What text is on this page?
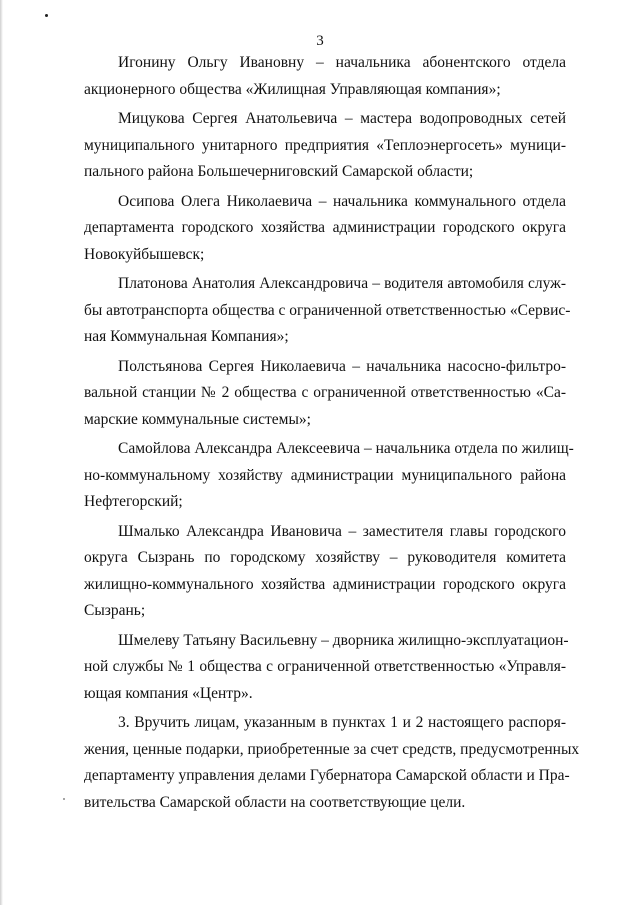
3
Игонину Ольгу Ивановну – начальника абонентского отдела
акционерного общества «Жилищная Управляющая компания»;
Мицукова Сергея Анатольевича – мастера водопроводных сетей
муниципального унитарного предприятия «Теплоэнергосеть» муници-
пального района Большечерниговский Самарской области;
Осипова Олега Николаевича – начальника коммунального отдела
департамента городского хозяйства администрации городского округа
Новокуйбышевск;
Платонова Анатолия Александровича – водителя автомобиля служ-
бы автотранспорта общества с ограниченной ответственностью «Сервис-
ная Коммунальная Компания»;
Полстьянова Сергея Николаевича – начальника насосно-фильтро-
вальной станции № 2 общества с ограниченной ответственностью «Са-
марские коммунальные системы»;
Самойлова Александра Алексеевича – начальника отдела по жилищ-
но-коммунальному хозяйству администрации муниципального района
Нефтегорский;
Шмалько Александра Ивановича – заместителя главы городского
округа Сызрань по городскому хозяйству – руководителя комитета
жилищно-коммунального хозяйства администрации городского округа
Сызрань;
Шмелеву Татьяну Васильевну – дворника жилищно-эксплуатацион-
ной службы № 1 общества с ограниченной ответственностью «Управля-
ющая компания «Центр».
3. Вручить лицам, указанным в пунктах 1 и 2 настоящего распоря-
жения, ценные подарки, приобретенные за счет средств, предусмотренных
департаменту управления делами Губернатора Самарской области и Пра-
вительства Самарской области на соответствующие цели.
